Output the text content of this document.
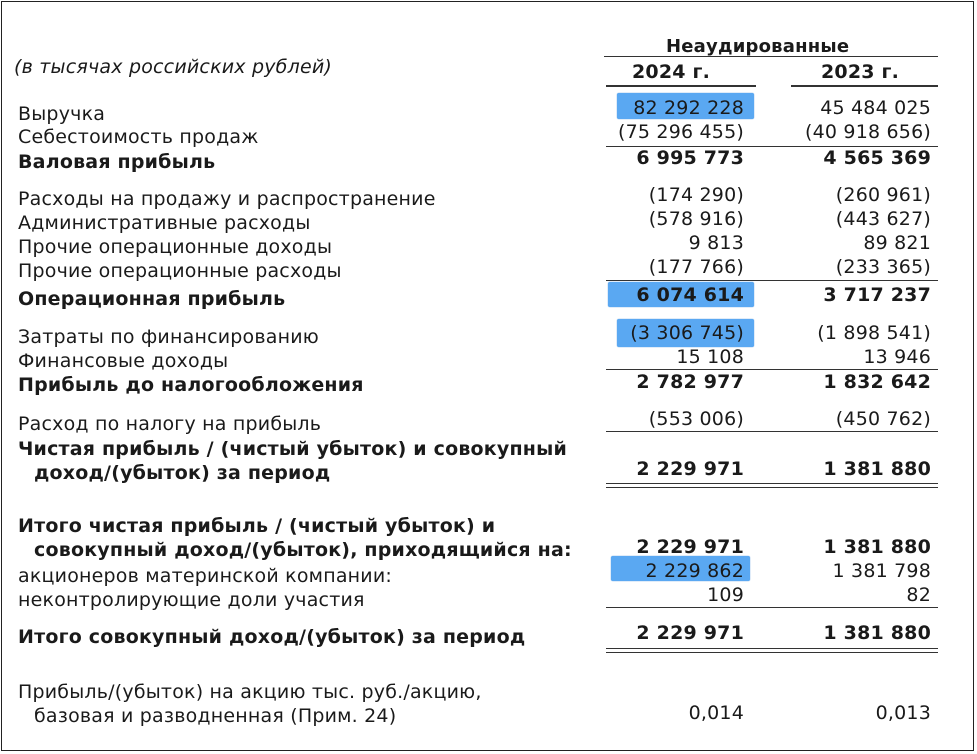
Неаудированные
(в тысячах российских рублей)	2024 г.	2023 г.
Выручка	82 292 228	45 484 025
Себестоимость продаж	(75 296 455)	(40 918 656)
Валовая прибыль	6 995 773	4 565 369
Расходы на продажу и распространение	(174 290)	(260 961)
Административные расходы	(578 916)	(443 627)
Прочие операционные доходы	9 813	89 821
Прочие операционные расходы	(177 766)	(233 365)
Операционная прибыль	6 074 614	3 717 237
Затраты по финансированию	(3 306 745)	(1 898 541)
Финансовые доходы	15 108	13 946
Прибыль до налогообложения	2 782 977	1 832 642
Расход по налогу на прибыль	(553 006)	(450 762)
Чистая прибыль / (чистый убыток) и совокупный
доход/(убыток) за период	2 229 971	1 381 880
Итого чистая прибыль / (чистый убыток) и
совокупный доход/(убыток), приходящийся на:	2 229 971	1 381 880
акционеров материнской компании:	2 229 862	1 381 798
неконтролирующие доли участия	109	82
Итого совокупный доход/(убыток) за период	2 229 971	1 381 880
Прибыль/(убыток) на акцию тыс. руб./акцию,
базовая и разводненная (Прим. 24)	0,014	0,013
